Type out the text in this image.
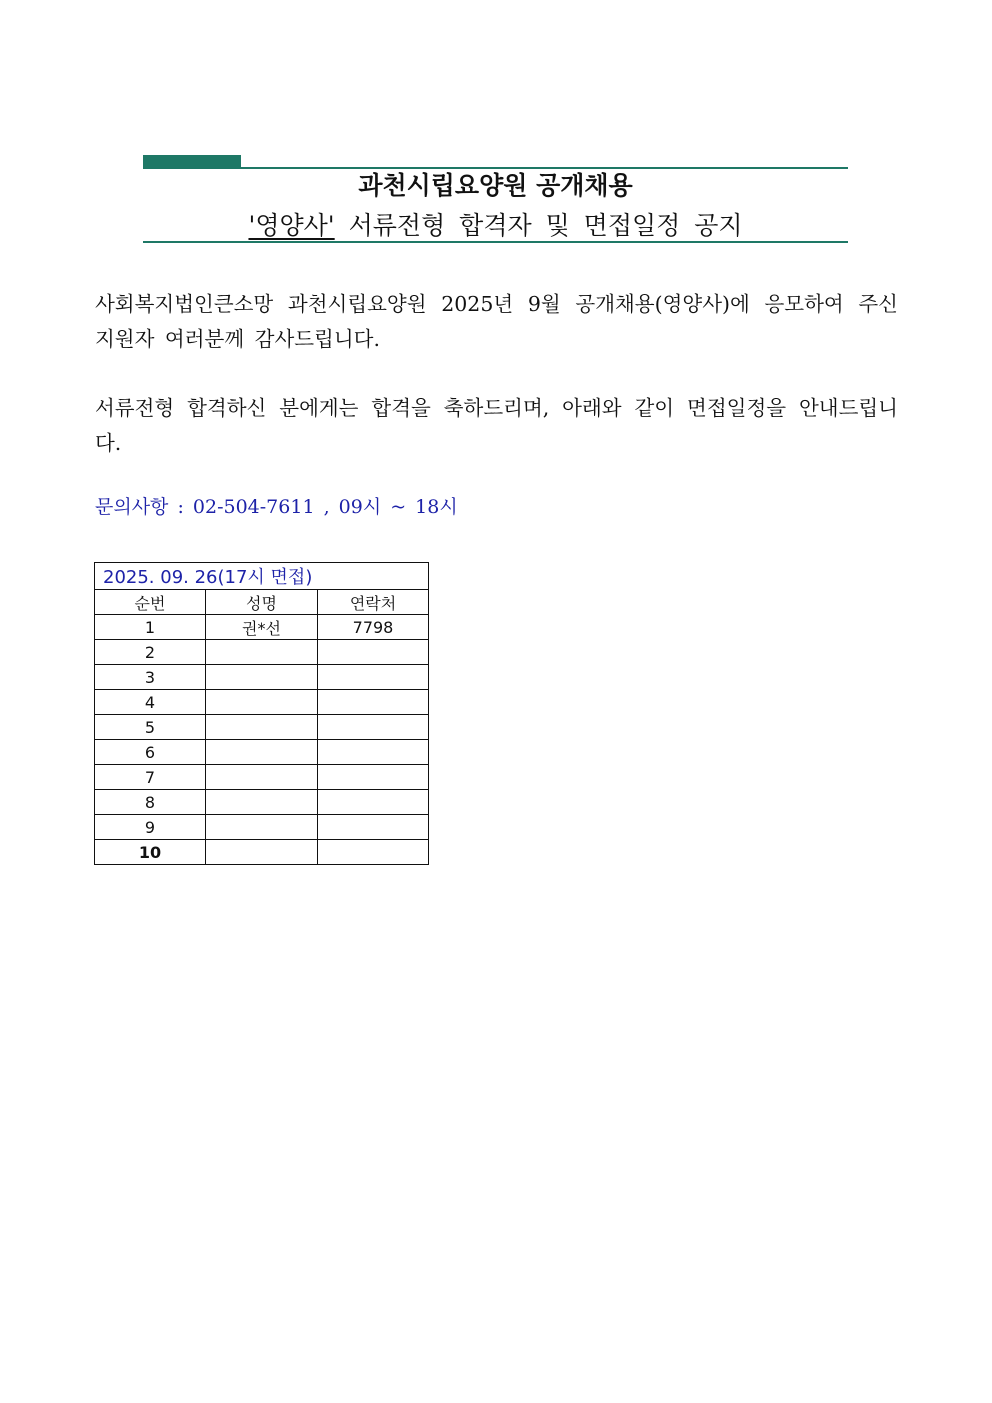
과천시립요양원 공개채용
'영양사' 서류전형 합격자 및 면접일정 공지
사회복지법인큰소망 과천시립요양원 2025년 9월 공개채용(영양사)에 응모하여 주신 지원자 여러분께 감사드립니다.
서류전형 합격하신 분에게는 합격을 축하드리며, 아래와 같이 면접일정을 안내드립니다.
문의사항 : 02-504-7611 , 09시 ~ 18시
2025. 09. 26(17시 면접)		
순번	성명	연락처
1	권*선	7798
2		
3		
4		
5		
6		
7		
8		
9		
10		
